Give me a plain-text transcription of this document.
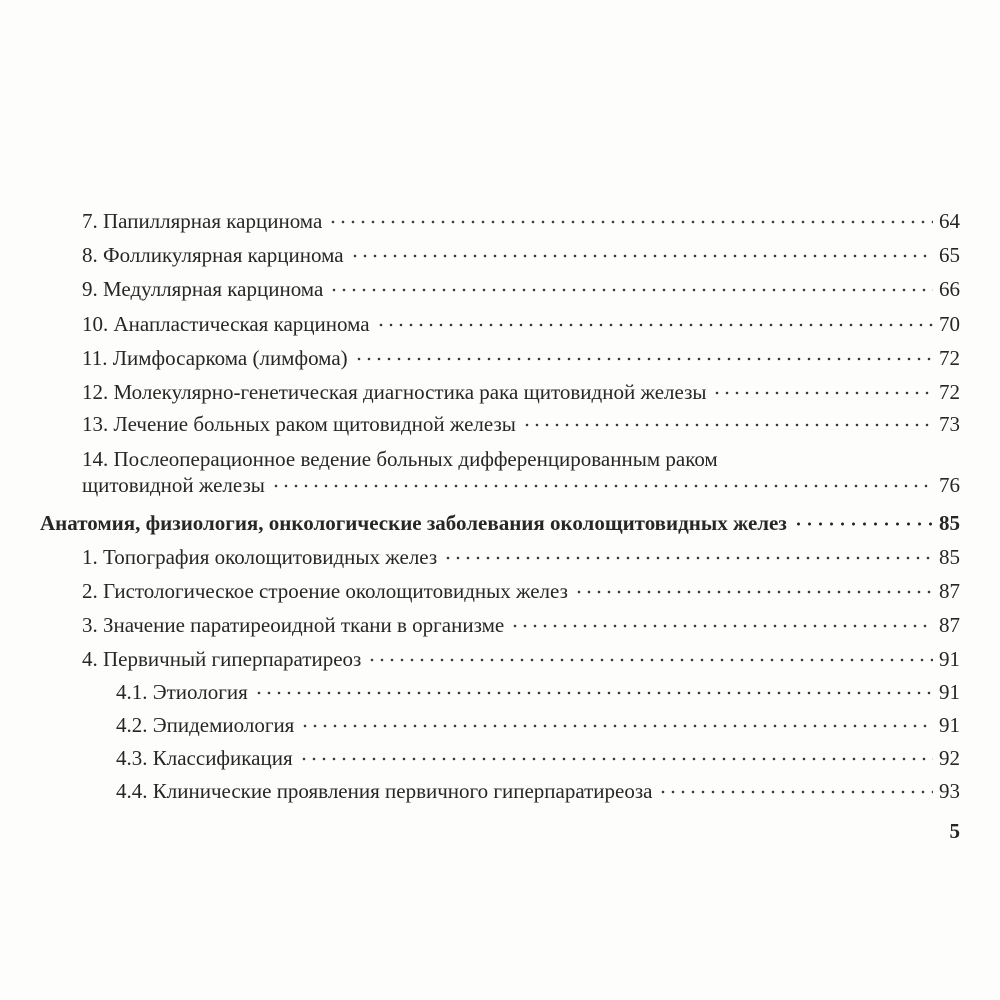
7. Папиллярная карцинома	64
8. Фолликулярная карцинома	65
9. Медуллярная карцинома	66
10. Анапластическая карцинома	70
11. Лимфосаркома (лимфома)	72
12. Молекулярно-генетическая диагностика рака щитовидной железы	72
13. Лечение больных раком щитовидной железы	73
14. Послеоперационное ведение больных дифференцированным раком
щитовидной железы	76
Анатомия, физиология, онкологические заболевания околощитовидных желез	85
1. Топография околощитовидных желез	85
2. Гистологическое строение околощитовидных желез	87
3. Значение паратиреоидной ткани в организме	87
4. Первичный гиперпаратиреоз	91
4.1. Этиология	91
4.2. Эпидемиология	91
4.3. Классификация	92
4.4. Клинические проявления первичного гиперпаратиреоза	93
5
